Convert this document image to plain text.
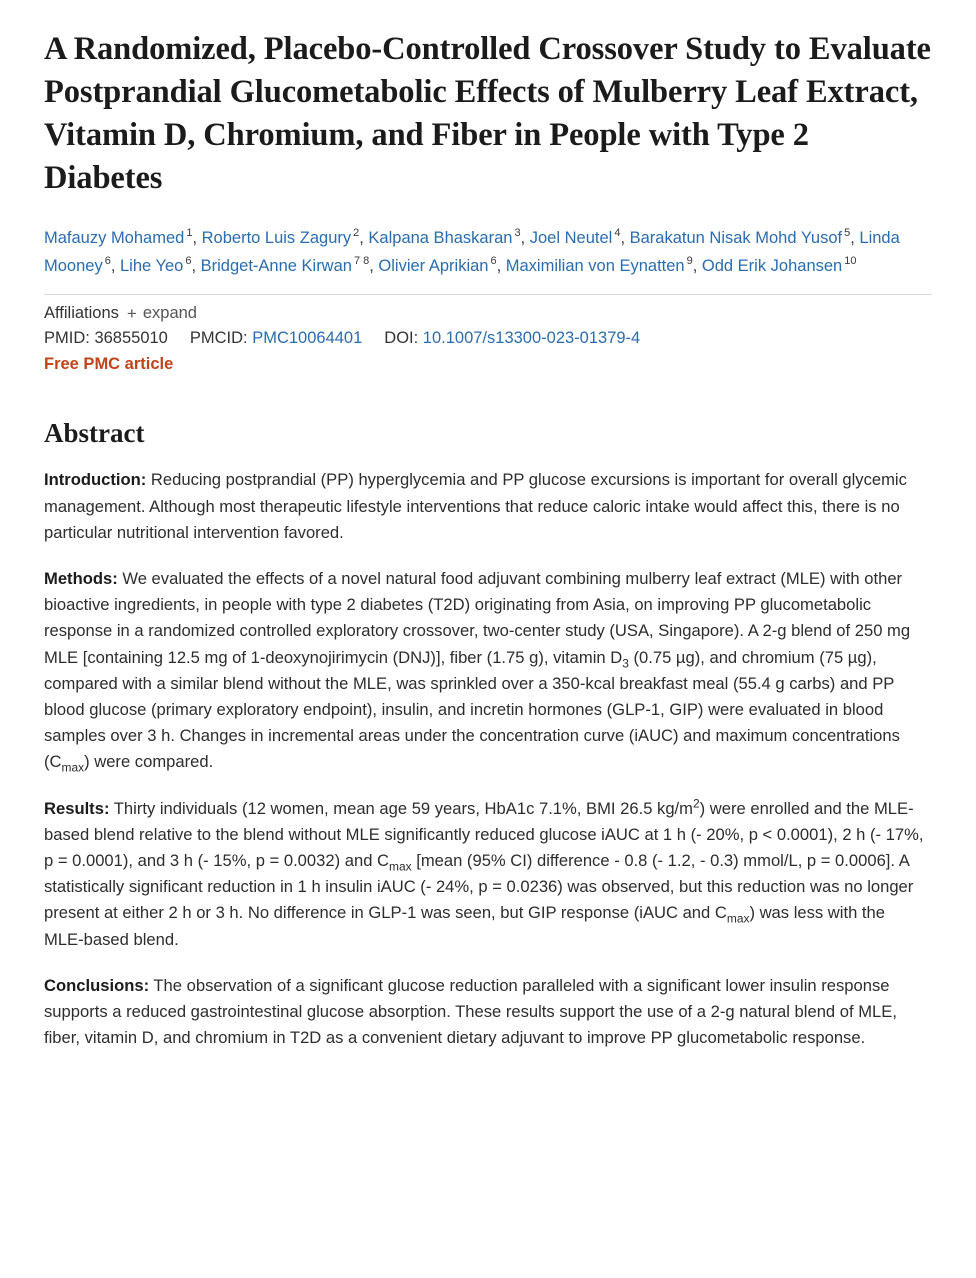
A Randomized, Placebo-Controlled Crossover Study to Evaluate Postprandial Glucometabolic Effects of Mulberry Leaf Extract, Vitamin D, Chromium, and Fiber in People with Type 2 Diabetes
Mafauzy Mohamed $^1$, Roberto Luis Zagury $^2$, Kalpana Bhaskaran $^3$, Joel Neutel $^4$, Barakatun Nisak Mohd Yusof $^5$, Linda Mooney $^6$, Lihe Yeo $^6$, Bridget-Anne Kirwan $^{7 8}$, Olivier Aprikian $^6$, Maximilian von Eynatten $^9$, Odd Erik Johansen $^{10}$
Affiliations + expand
PMID: 36855010 PMCID: PMC10064401 DOI: 10.1007/s13300-023-01379-4
Free PMC article
Abstract

Introduction: Reducing postprandial (PP) hyperglycemia and PP glucose excursions is important for overall glycemic management. Although most therapeutic lifestyle interventions that reduce caloric intake would affect this, there is no particular nutritional intervention favored.

Methods: We evaluated the effects of a novel natural food adjuvant combining mulberry leaf extract (MLE) with other bioactive ingredients, in people with type 2 diabetes (T2D) originating from Asia, on improving PP glucometabolic response in a randomized controlled exploratory crossover, two-center study (USA, Singapore). A 2-g blend of 250 mg MLE [containing 12.5 mg of 1-deoxynojirimycin (DNJ)], fiber (1.75 g), vitamin $D_3$ (0.75 µg), and chromium (75 µg), compared with a similar blend without the MLE, was sprinkled over a 350-kcal breakfast meal (55.4 g carbs) and PP blood glucose (primary exploratory endpoint), insulin, and incretin hormones (GLP-1, GIP) were evaluated in blood samples over 3 h. Changes in incremental areas under the concentration curve (iAUC) and maximum concentrations $(C_{max})$ were compared.

Results: Thirty individuals (12 women, mean age 59 years, HbA1c 7.1%, BMI 26.5 $kg/m^2$) were enrolled and the MLE-based blend relative to the blend without MLE significantly reduced glucose iAUC at 1 h (- 20%, p < 0.0001), 2 h (- 17%, p = 0.0001), and 3 h (- 15%, p = 0.0032) and $C_{max}$ [mean (95% CI) difference - 0.8 (- 1.2, - 0.3) mmol/L, p = 0.0006]. A statistically significant reduction in 1 h insulin iAUC (- 24%, p = 0.0236) was observed, but this reduction was no longer present at either 2 h or 3 h. No difference in GLP-1 was seen, but GIP response (iAUC and $C_{max}$) was less with the MLE-based blend.

Conclusions: The observation of a significant glucose reduction paralleled with a significant lower insulin response supports a reduced gastrointestinal glucose absorption. These results support the use of a 2-g natural blend of MLE, fiber, vitamin D, and chromium in T2D as a convenient dietary adjuvant to improve PP glucometabolic response.
